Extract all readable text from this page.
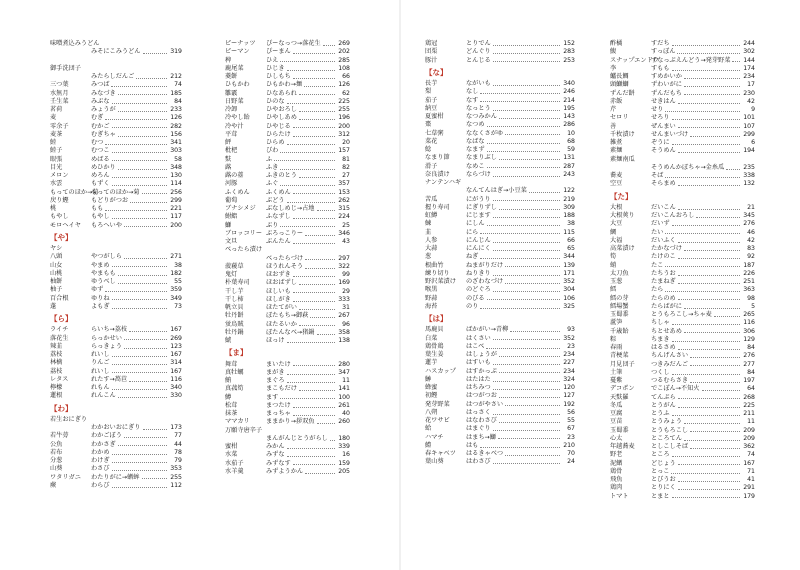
味噌煮込みうどん
みそにこみうどん	319
御手洗団子
みたらしだんご	212
三つ葉	みつば	74
水無月	みなづき	185
壬生菜	みぶな	84
茗荷	みょうが	233
麦	むぎ	126
零余子	むかご	282
麦茶	むぎちゃ	156
鯥	むつ	341
鯥子	むつこ	303
眼張	めばる	58
目光	めひかり	348
メロン	めろん	130
水雲	もずく	114
もってのほか→菊
もってのほか→菊	256
戻り鰹	もどりがつお	299
桃	もも	221
もやし	もやし	117
モロヘイヤ	もろへいや	200
【や】
ヤシ
八頭	やつがしら	271
山女	やまめ	38
山桃	やまもも	182
柚餅	ゆうべし	55
柚子	ゆず	359
百合根	ゆりね	349
蓬	よもぎ	73
【ら】
ライチ	らいち→荔枝	167
落花生	らっかせい	269
辣韮	らっきょう	123
荔枝	れいし	167
林檎	りんご	314
茘枝	れいし	167
レタス	れたす→萵苣	116
檸檬	れもん	340
蓮根	れんこん	330
【わ】
若生おにぎり
わかおいおにぎり	173
若牛蒡	わかごぼう	77
公魚	わかさぎ	44
若布	わかめ	78
分葱	わけぎ	79
山葵	わさび	353
ワタリガニ	わたりがに→蝤蛑	255
蕨	わらび	112
ピーナッツ	ぴーなっつ→落花生	269
ピーマン	ぴーまん	202
稗	ひえ	285
鹿尾菜	ひじき	108
菱餅	ひしもち	66
ひもかわ	ひもかわ→麺	126
雛霰	ひなあられ	62
日野菜	ひのな	225
冷卸	ひやおろし	255
冷やし飴	ひやしあめ	196
冷や汁	ひやじる	200
平茸	ひらたけ	312
鮃	ひらめ	20
枇杷	びわ	157
麩	ふ	81
蕗	ふき	82
蕗の薹	ふきのとう	27
河豚	ふぐ	357
ふくめん	ふくめん	153
葡萄	ぶどう	262
ブナシメジ	ぶなしめじ→占地	315
鮒鮨	ふなずし	224
鰤	ぶり	25
ブロッコリー ぶろっこりー	346
文旦	ぶんたん	43
べったら漬け
べったらづけ	297
菠薐草	ほうれんそう	322
鬼灯	ほおずき	99
朴葉寿司	ほおばずし	169
干し芋	ほしいも	29
干し柿	ほしがき	333
帆立貝	ほたてがい	31
牡丹餅	ぼたもち→御萩	267
蛍烏賊	ほたるいか	96
牡丹鍋	ぼたんなべ→猪鍋	358
鯱	ほっけ	138
【ま】
舞茸	まいたけ	280
真牡蠣	まがき	347
鮪	まぐろ	11
真菰筍	まこもだけ	141
鱒	ます	100
松茸	まつたけ	261
抹茶	まっちゃ	40
ママカリ	ままかり→拶双魚	260
万願寺唐辛子
まんがんじとうがらし 180
蜜柑	みかん	339
水菜	みずな	16
水茄子	みずなす	159
水羊羹	みずようかん	205
鶏冠	とりでん	152
団栗	どんぐり	283
豚汁	とんじる	253
【な】
長芋	ながいも	340
梨	なし	246
茄子	なす	214
納豆	なっとう	195
夏蜜柑	なつみかん	143
棗	なつめ	286
七草粥	ななくさがゆ	10
菜花	なばな	68
鯰	なまず	59
なまり節	なまりぶし	131
滑子	なめこ	287
奈良漬け	ならづけ	243
ナンテンハギ
なんてんはぎ→小豆菜	122
苦瓜	にがうり	219
握り寿司	にぎりずし	309
虹鱒	にじます	188
鰊	にしん	38
韮	にら	115
人参	にんじん	66
大蒜	にんにく	65
葱	ねぎ	344
根曲竹	ねまがりだけ	139
練り切り	ねりきり	171
野沢菜漬け	のざわなづけ	352
喉黒	のどぐろ	304
野蒜	のびる	106
海苔	のり	325
【は】
馬鹿貝	ばかがい→青柳	93
白菜	はくさい	352
鶏骨鶏	はこべ	23
葉生姜	はしょうが	234
蓮芋	はすいも	227
ハスカップ	はすかっぷ	234
鰰	はたはた	324
蜂蜜	はちみつ	120
初鰹	はつがつお	127
発芽野菜	はつがやさい	192
八朔	はっさく	56
花ワサビ	はなわさび	55
蛤	はまぐり	67
ハマチ	はまち→鰤	23
鱧	はも	210
春キャベツ	はるきゃべつ	70
葉山葵	はわさび	24
酢橘	すだち	244
鰒	すっぽん	302
スナップエンドウ
すなっぷえんどう→発芽野菜 144
李	すもも	174
鱸長鯛	すめかいか	234
頭鰤鰤	ずわいがに	17
ずんだ餅	ずんだもち	230
赤飯	せきはん	42
芹	せり	9
セロリ	せろり	101
善	ぜんまい	107
千枚漬け	せんまいづけ	299
雑煮	ぞうに	6
素麺	そうめん	194
素麺南瓜
そうめんかぼちゃ→金糸瓜	235
蕎麦	そば	338
空豆	そらまめ	132
【た】
大根	だいこん	21
大根莢り	だいこんおろし	345
大豆	だいず	276
鯛	たい	46
大福	だいふく	42
高菜漬け	たかなづけ	83
筍	たけのこ	92
蛸	たこ	187
太刀魚	たちうお	226
玉葱	たまねぎ	251
鱈	たら	363
鱈の芽	たらのめ	98
鱈場蟹	たらばがに	5
玉蜀黍	とうもろこし→ちゃ麦	265
蘆笋	ちしゃ	116
千歳飴	ちとせあめ	306
粽	ちまき	129
春雨	はるさめ	84
青梗菜	ちんげんさい	276
月見団子	つきみだんご	277
土筆	つくし	84
蔓紫	つるむらさき	197
デコポン	でこぽん→不知火	64
天麩羅	てんぷら	268
冬瓜	とうがん	225
豆腐	とうふ	211
豆苗	とうみょう	11
玉蜀黍	とうもろこし	209
心太	ところてん	209
年越蕎麦	としこしそば	362
野老	ところ	74
泥鰌	どじょう	167
鶏骨	とっこ	71
飛魚	とびうお	41
鶏肉	とりにく	291
トマト	とまと	179
